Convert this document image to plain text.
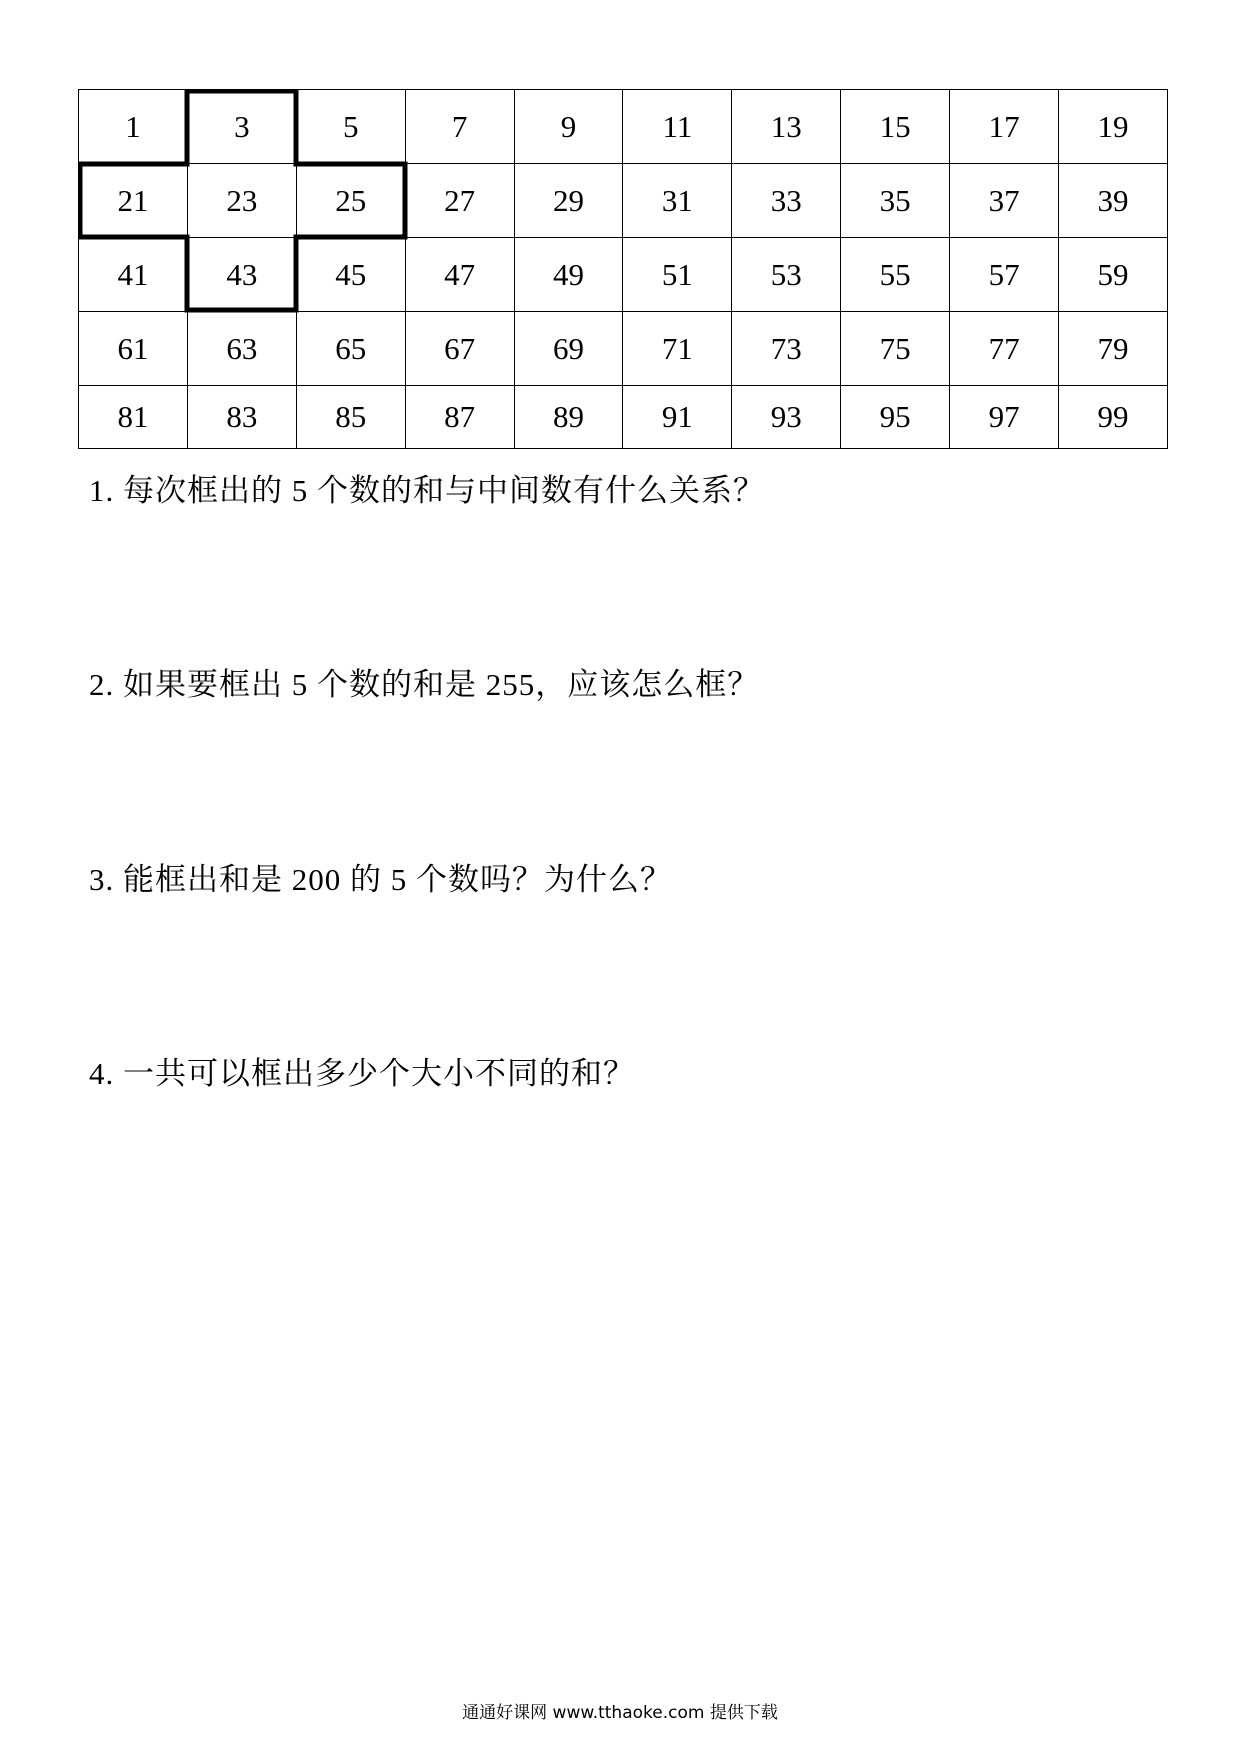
1	3	5	7	9	11	13	15	17	19
21	23	25	27	29	31	33	35	37	39
41	43	45	47	49	51	53	55	57	59
61	63	65	67	69	71	73	75	77	79
81	83	85	87	89	91	93	95	97	99
1. 每次框出的 5 个数的和与中间数有什么关系？
2. 如果要框出 5 个数的和是 255，应该怎么框？
3. 能框出和是 200 的 5 个数吗？为什么？
4. 一共可以框出多少个大小不同的和？
通通好课网 www.tthaoke.com 提供下载
